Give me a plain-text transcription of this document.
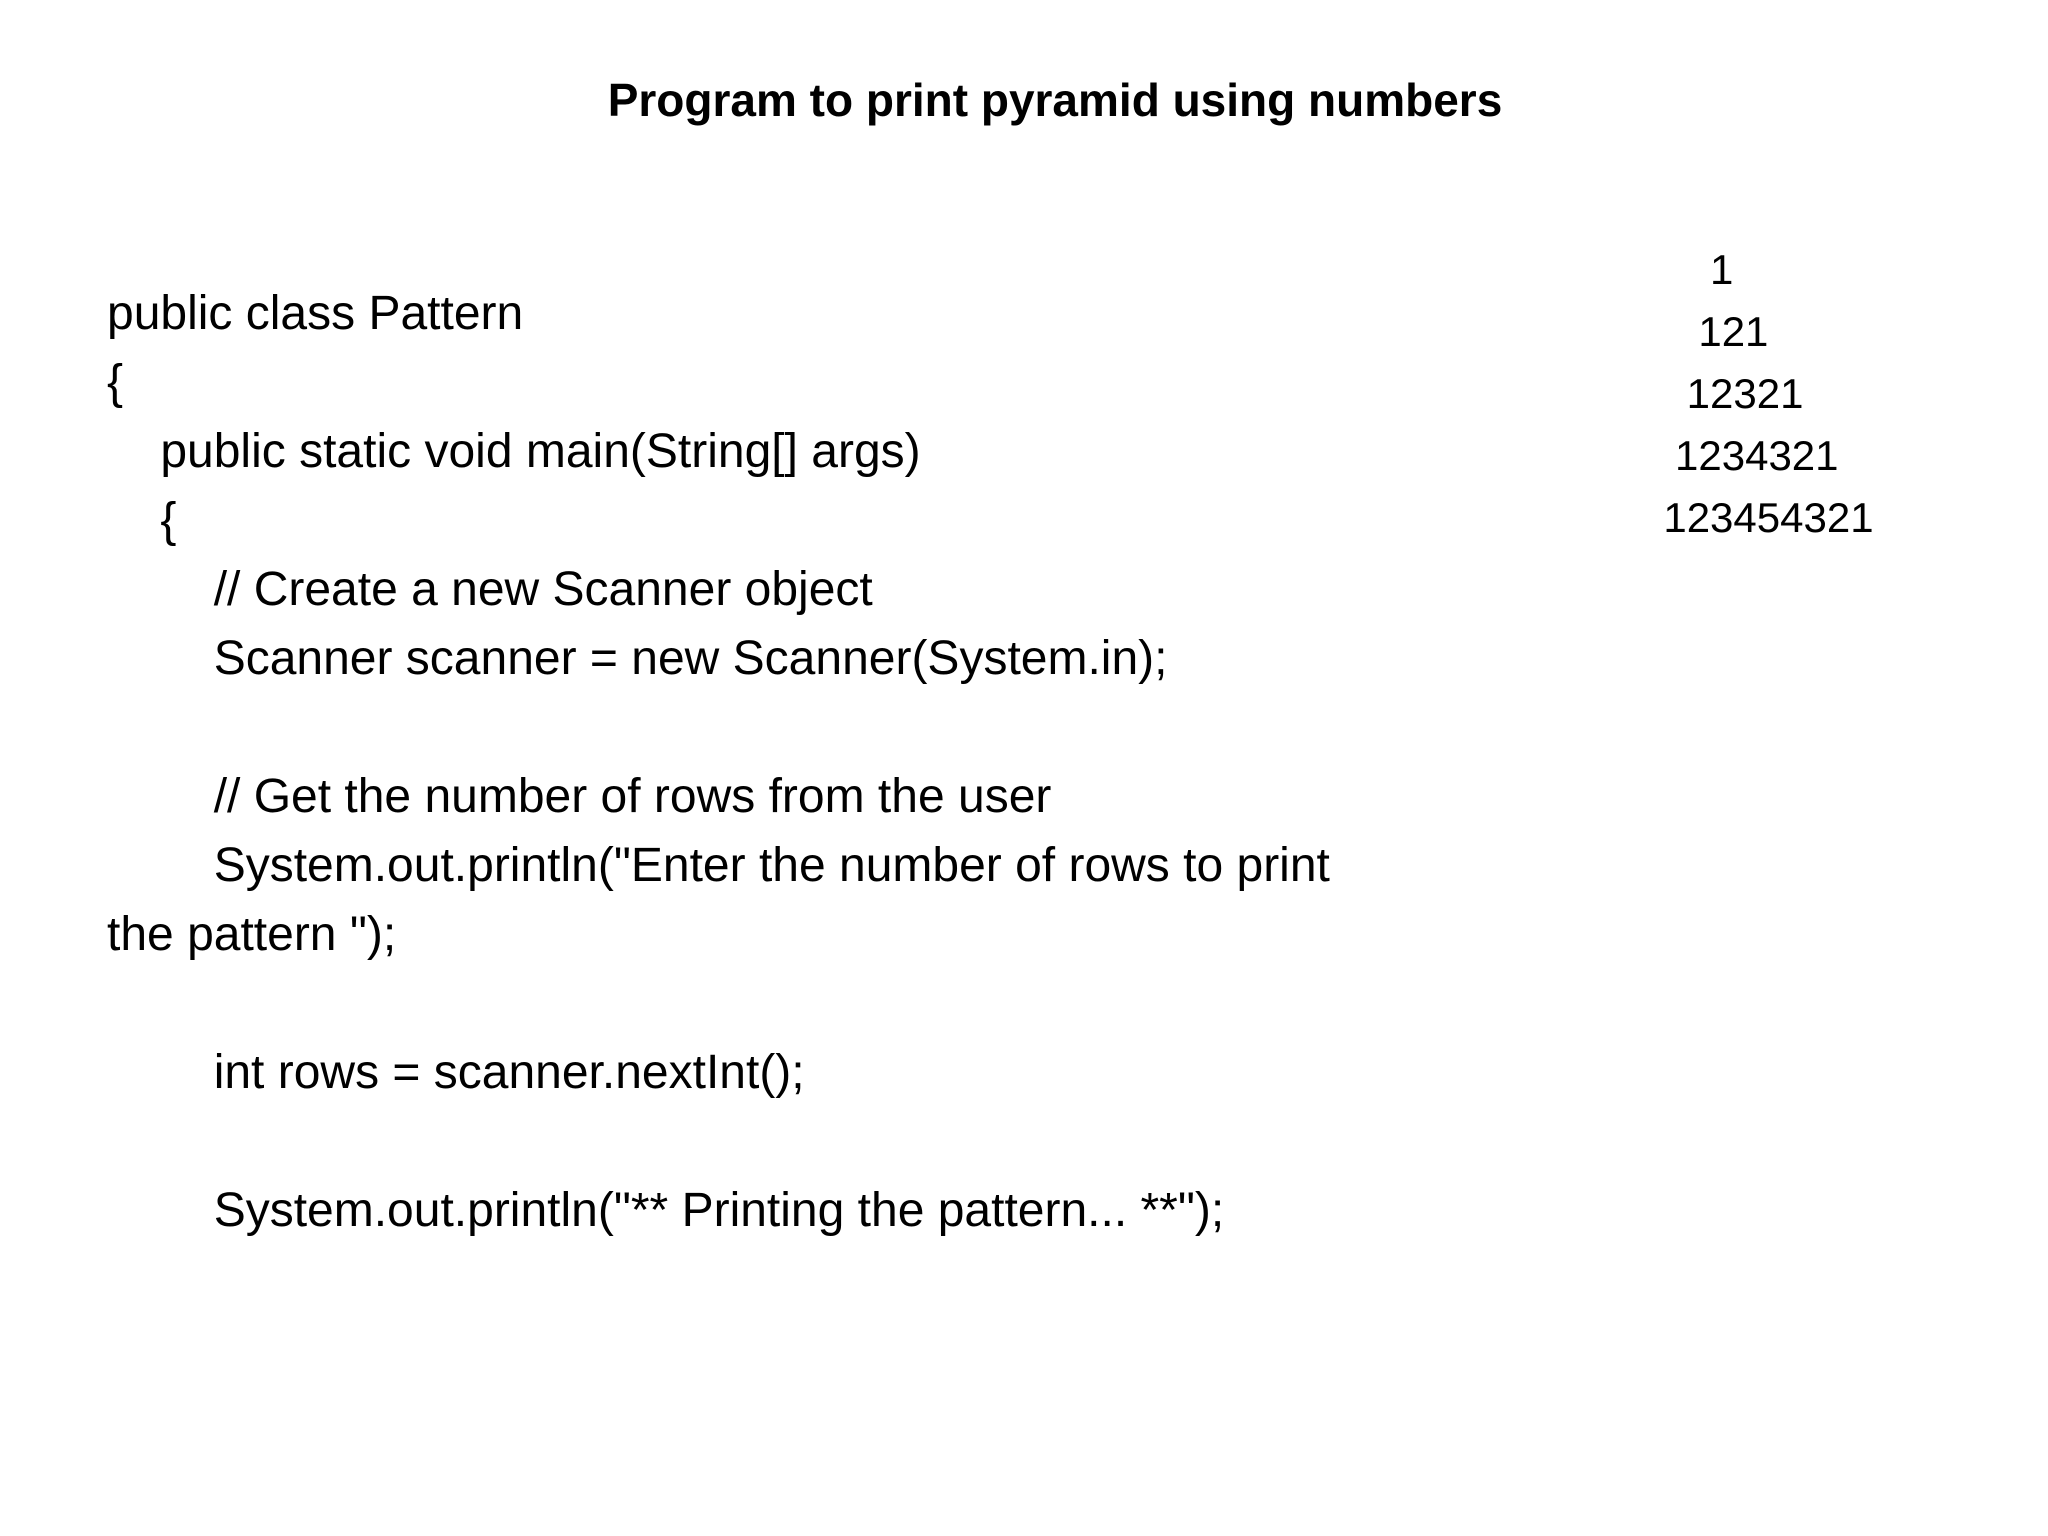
Program to print pyramid using numbers
public class Pattern
{
public static void main(String[] args)
{
// Create a new Scanner object
Scanner scanner = new Scanner(System.in);
// Get the number of rows from the user
System.out.println("Enter the number of rows to print
the pattern ");
int rows = scanner.nextInt();
System.out.println("** Printing the pattern... **");
1
121
12321
1234321
123454321
